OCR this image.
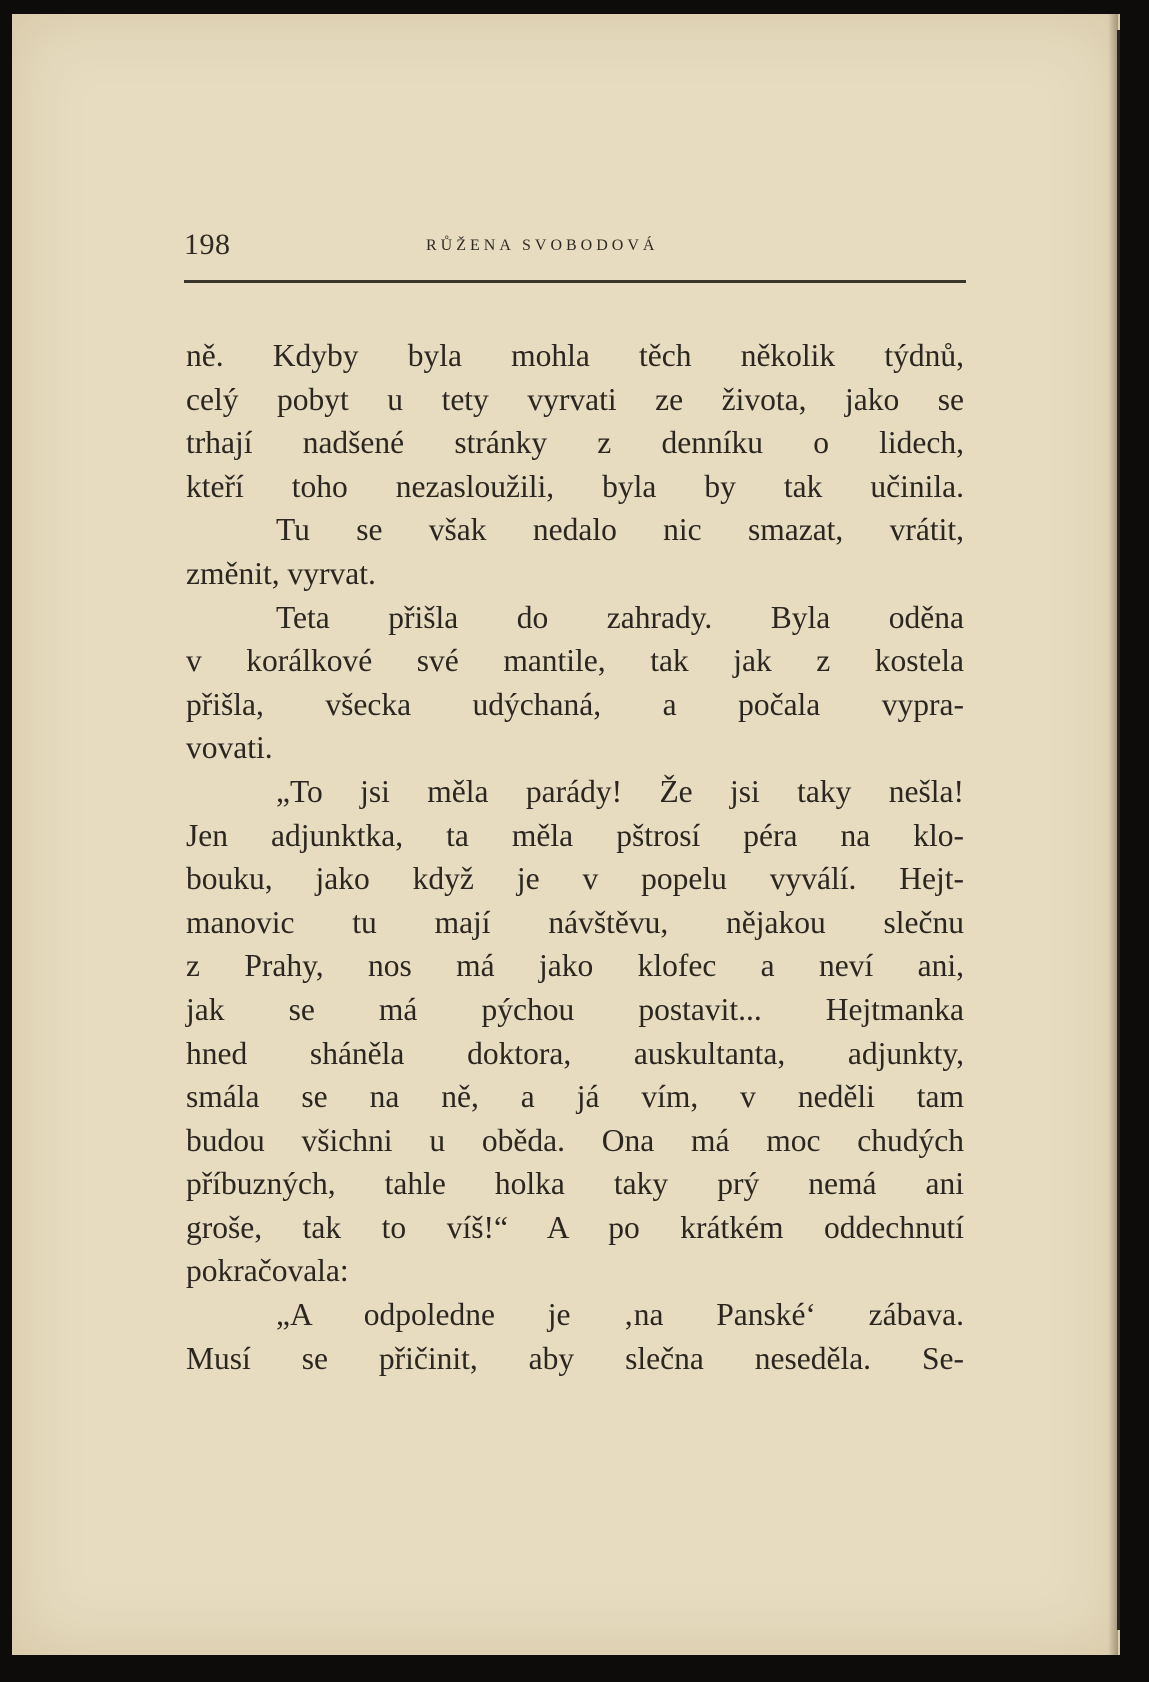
198	RŮŽENA SVOBODOVÁ
ně. Kdyby byla mohla těch několik týdnů,
celý pobyt u tety vyrvati ze života, jako se
trhají nadšené stránky z denníku o lidech,
kteří toho nezasloužili, byla by tak učinila.
Tu se však nedalo nic smazat, vrátit,
změnit, vyrvat.
Teta přišla do zahrady. Byla oděna
v korálkové své mantile, tak jak z kostela
přišla, všecka udýchaná, a počala vypra-
vovati.
„To jsi měla parády! Že jsi taky nešla!
Jen adjunktka, ta měla pštrosí péra na klo-
bouku, jako když je v popelu vyválí. Hejt-
manovic tu mají návštěvu, nějakou slečnu
z Prahy, nos má jako klofec a neví ani,
jak se má pýchou postavit... Hejtmanka
hned sháněla doktora, auskultanta, adjunkty,
smála se na ně, a já vím, v neděli tam
budou všichni u oběda. Ona má moc chudých
příbuzných, tahle holka taky prý nemá ani
groše, tak to víš!“ A po krátkém oddechnutí
pokračovala:
„A odpoledne je ‚na Panské‘ zábava.
Musí se přičinit, aby slečna neseděla. Se-
